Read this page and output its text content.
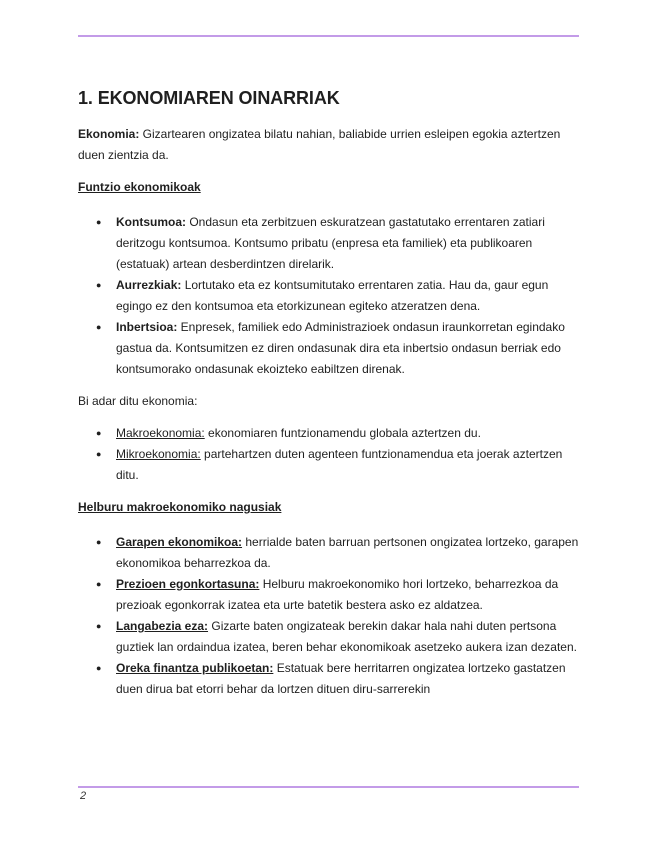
1. EKONOMIAREN OINARRIAK

Ekonomia: Gizartearen ongizatea bilatu nahian, baliabide urrien esleipen egokia aztertzen duen zientzia da.

Funtzio ekonomikoak

● Kontsumoa: Ondasun eta zerbitzuen eskuratzean gastatutako errentaren zatiari deritzogu kontsumoa. Kontsumo pribatu (enpresa eta familiek) eta publikoaren (estatuak) artean desberdintzen direlarik.
● Aurrezkiak: Lortutako eta ez kontsumitutako errentaren zatia. Hau da, gaur egun egingo ez den kontsumoa eta etorkizunean egiteko atzeratzen dena.
● Inbertsioa: Enpresek, familiek edo Administrazioek ondasun iraunkorretan egindako gastua da. Kontsumitzen ez diren ondasunak dira eta inbertsio ondasun berriak edo kontsumorako ondasunak ekoizteko eabiltzen direnak.

Bi adar ditu ekonomia:

● Makroekonomia: ekonomiaren funtzionamendu globala aztertzen du.
● Mikroekonomia: partehartzen duten agenteen funtzionamendua eta joerak aztertzen ditu.

Helburu makroekonomiko nagusiak

● Garapen ekonomikoa: herrialde baten barruan pertsonen ongizatea lortzeko, garapen ekonomikoa beharrezkoa da.
● Prezioen egonkortasuna: Helburu makroekonomiko hori lortzeko, beharrezkoa da prezioak egonkorrak izatea eta urte batetik bestera asko ez aldatzea.
● Langabezia eza: Gizarte baten ongizateak berekin dakar hala nahi duten pertsona guztiek lan ordaindua izatea, beren behar ekonomikoak asetzeko aukera izan dezaten.
● Oreka finantza publikoetan: Estatuak bere herritarren ongizatea lortzeko gastatzen duen dirua bat etorri behar da lortzen dituen diru-sarrerekin
2
